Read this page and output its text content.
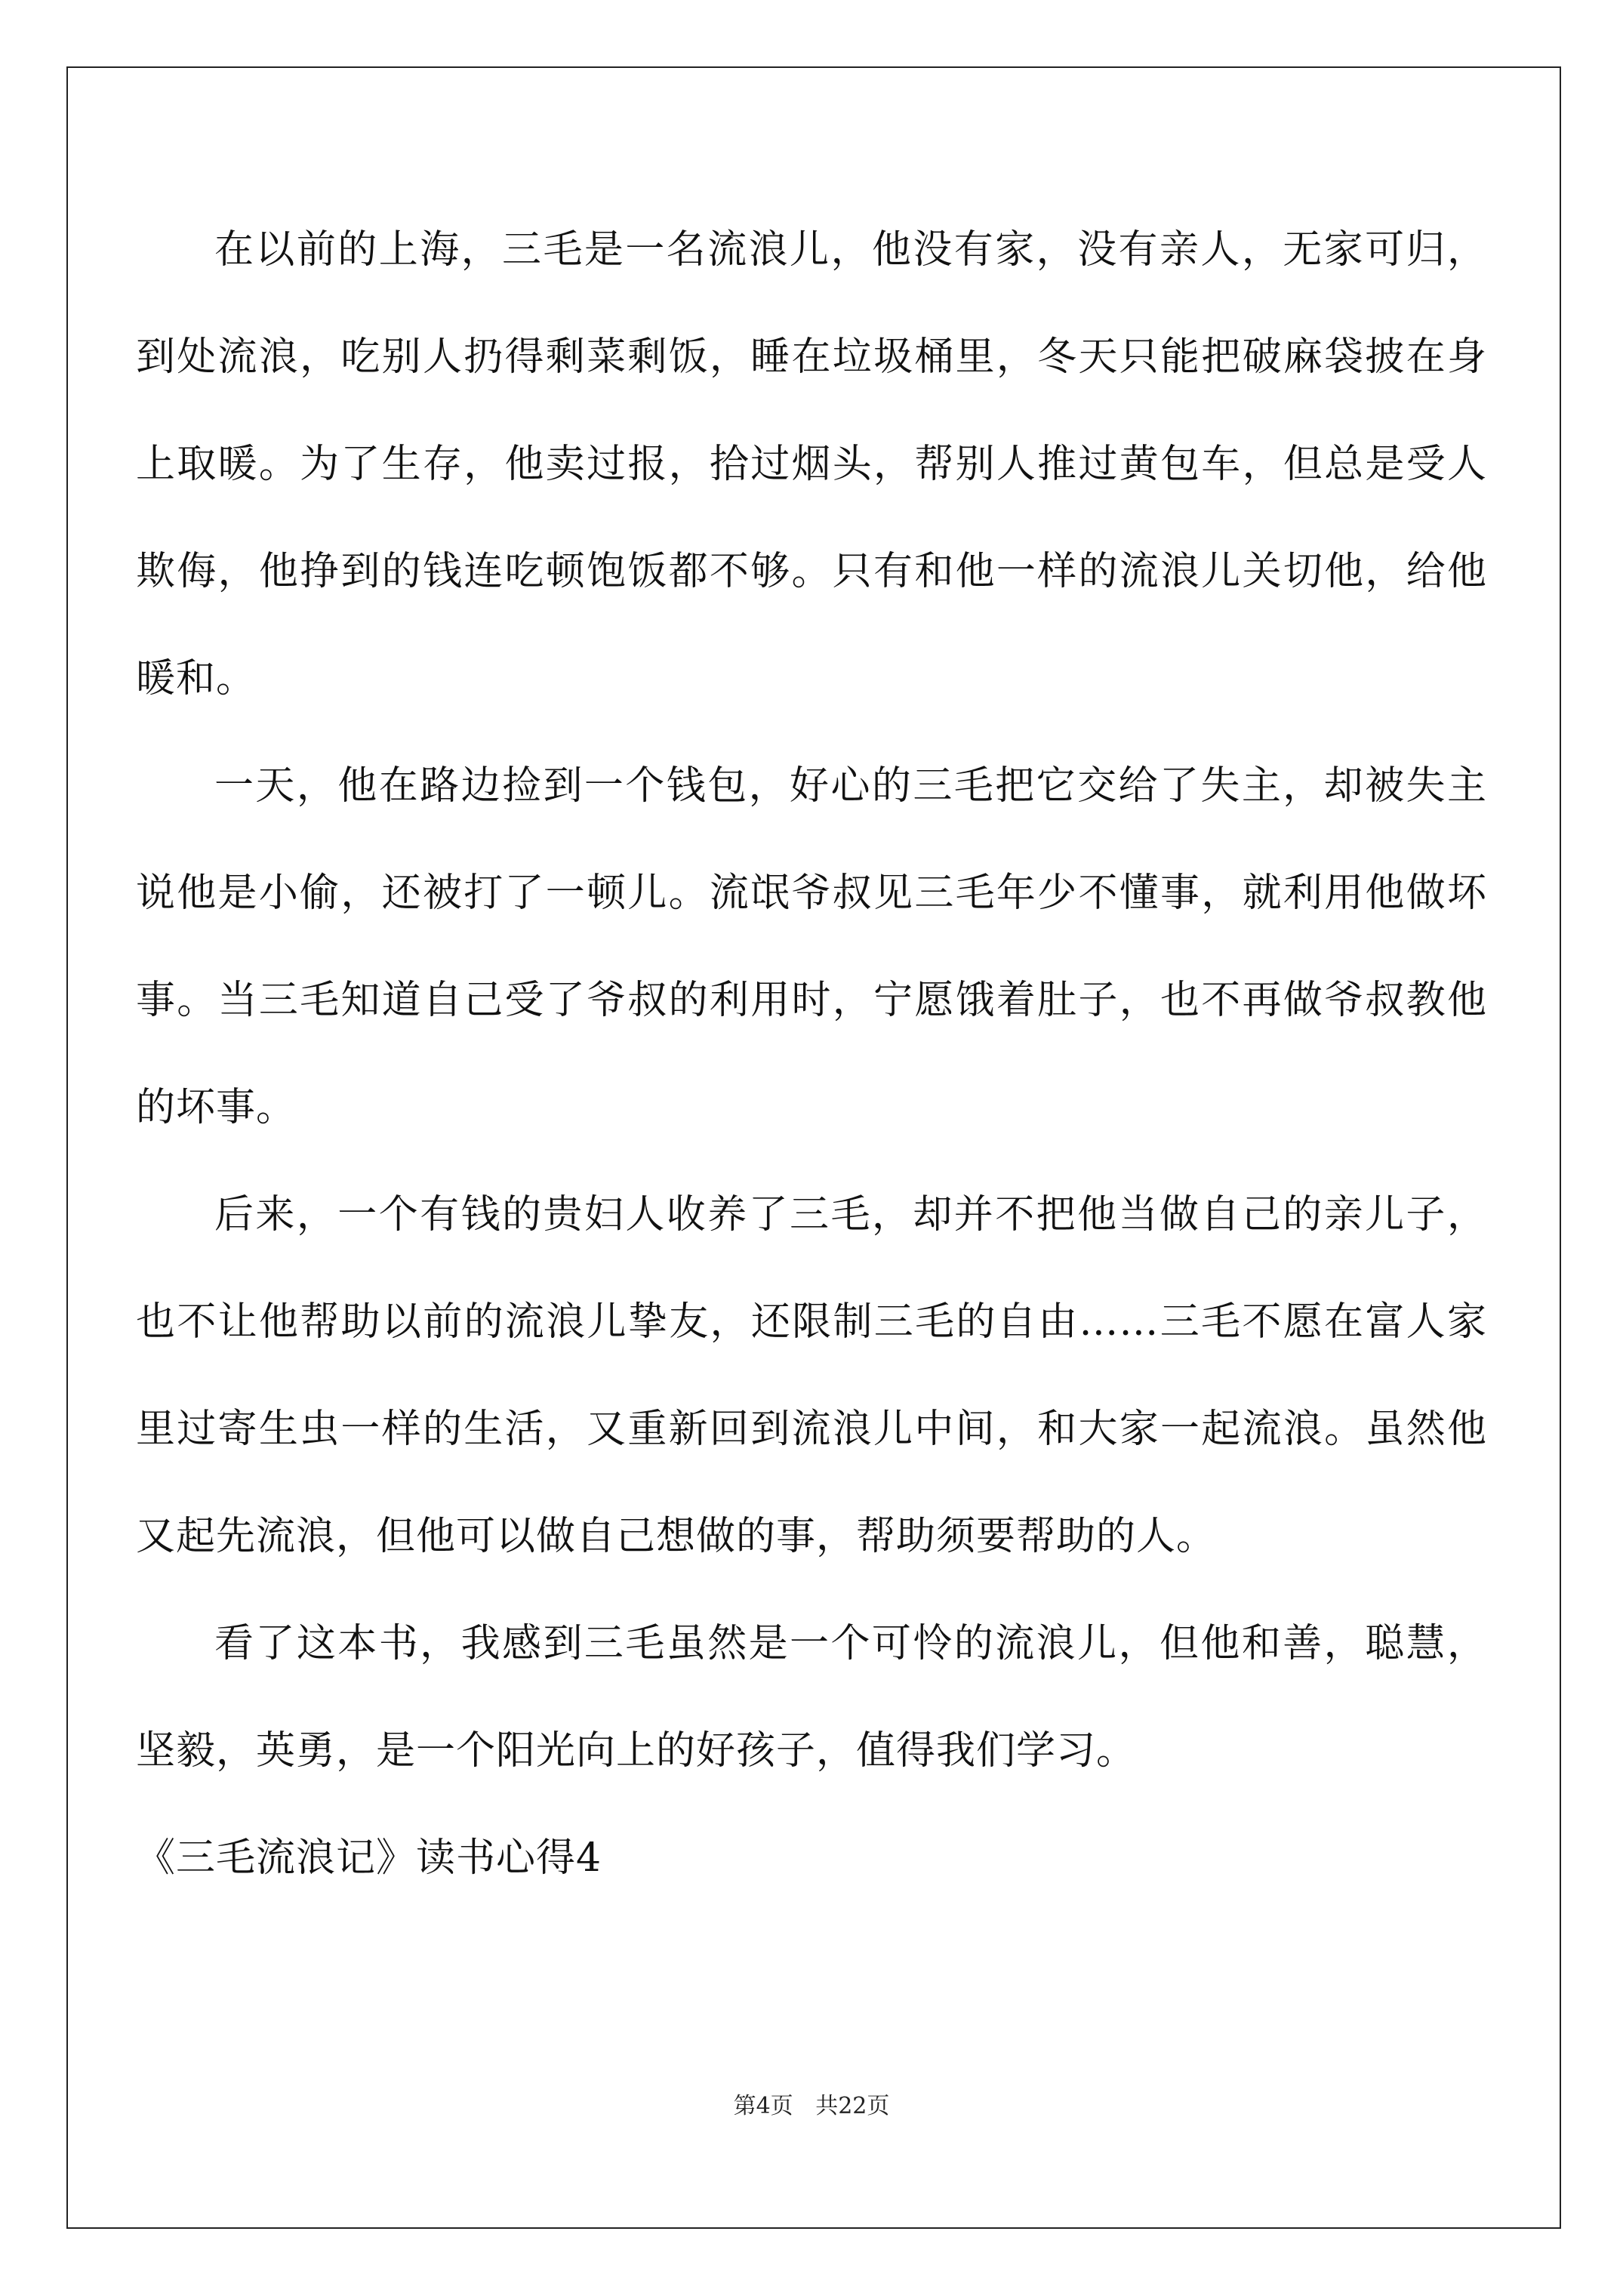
在以前的上海，三毛是一名流浪儿，他没有家，没有亲人，无家可归，到处流浪，吃别人扔得剩菜剩饭，睡在垃圾桶里，冬天只能把破麻袋披在身上取暖。为了生存，他卖过报，拾过烟头，帮别人推过黄包车，但总是受人欺侮，他挣到的钱连吃顿饱饭都不够。只有和他一样的流浪儿关切他，给他暖和。

一天，他在路边捡到一个钱包，好心的三毛把它交给了失主，却被失主说他是小偷，还被打了一顿儿。流氓爷叔见三毛年少不懂事，就利用他做坏事。当三毛知道自己受了爷叔的利用时，宁愿饿着肚子，也不再做爷叔教他的坏事。

后来，一个有钱的贵妇人收养了三毛，却并不把他当做自己的亲儿子，也不让他帮助以前的流浪儿挚友，还限制三毛的自由……三毛不愿在富人家里过寄生虫一样的生活，又重新回到流浪儿中间，和大家一起流浪。虽然他又起先流浪，但他可以做自己想做的事，帮助须要帮助的人。

看了这本书，我感到三毛虽然是一个可怜的流浪儿，但他和善，聪慧，坚毅，英勇，是一个阳光向上的好孩子，值得我们学习。

《三毛流浪记》读书心得4

第4页 共22页
